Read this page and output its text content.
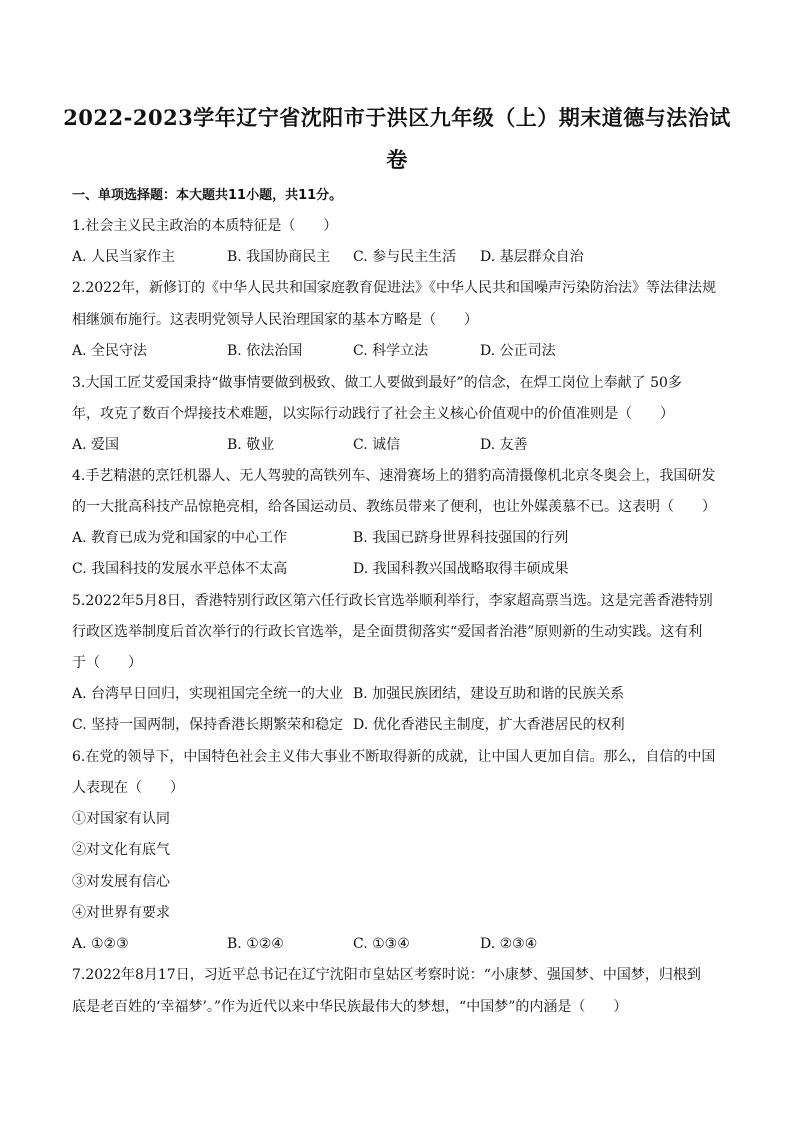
2022-2023学年辽宁省沈阳市于洪区九年级（上）期末道德与法治试
卷
一、单项选择题：本大题共11小题，共11分。
1.社会主义民主政治的本质特征是（　　）
A. 人民当家作主	B. 我国协商民主 C. 参与民主生活 D. 基层群众自治
2.2022年，新修订的《中华人民共和国家庭教育促进法》《中华人民共和国噪声污染防治法》等法律法规
相继颁布施行。这表明党领导人民治理国家的基本方略是（　　）
A. 全民守法	B. 依法治国	C. 科学立法	D. 公正司法
3.大国工匠艾爱国秉持“做事情要做到极致、做工人要做到最好”的信念，在焊工岗位上奉献了 50多
年，攻克了数百个焊接技术难题，以实际行动践行了社会主义核心价值观中的价值准则是（　　）
A. 爱国	B. 敬业	C. 诚信	D. 友善
4.手艺精湛的烹饪机器人、无人驾驶的高铁列车、速滑赛场上的猎豹高清摄像机北京冬奥会上，我国研发
的一大批高科技产品惊艳亮相，给各国运动员、教练员带来了便利，也让外媒羡慕不已。这表明（　　）
A. 教育已成为党和国家的中心工作	B. 我国已跻身世界科技强国的行列
C. 我国科技的发展水平总体不太高	D. 我国科教兴国战略取得丰硕成果
5.2022年5月8日，香港特别行政区第六任行政长官选举顺利举行，李家超高票当选。这是完善香港特别
行政区选举制度后首次举行的行政长官选举，是全面贯彻落实“爱国者治港”原则新的生动实践。这有利
于（　　）
A. 台湾早日回归，实现祖国完全统一的大业 B. 加强民族团结，建设互助和谐的民族关系
C. 坚持一国两制，保持香港长期繁荣和稳定 D. 优化香港民主制度，扩大香港居民的权利
6.在党的领导下，中国特色社会主义伟大事业不断取得新的成就，让中国人更加自信。那么，自信的中国
人表现在（　　）
①对国家有认同
②对文化有底气
③对发展有信心
④对世界有要求
A. ①②③	B. ①②④	C. ①③④	D. ②③④
7.2022年8月17日，习近平总书记在辽宁沈阳市皇姑区考察时说：“小康梦、强国梦、中国梦，归根到
底是老百姓的‘幸福梦’。”作为近代以来中华民族最伟大的梦想，“中国梦”的内涵是（　　）
